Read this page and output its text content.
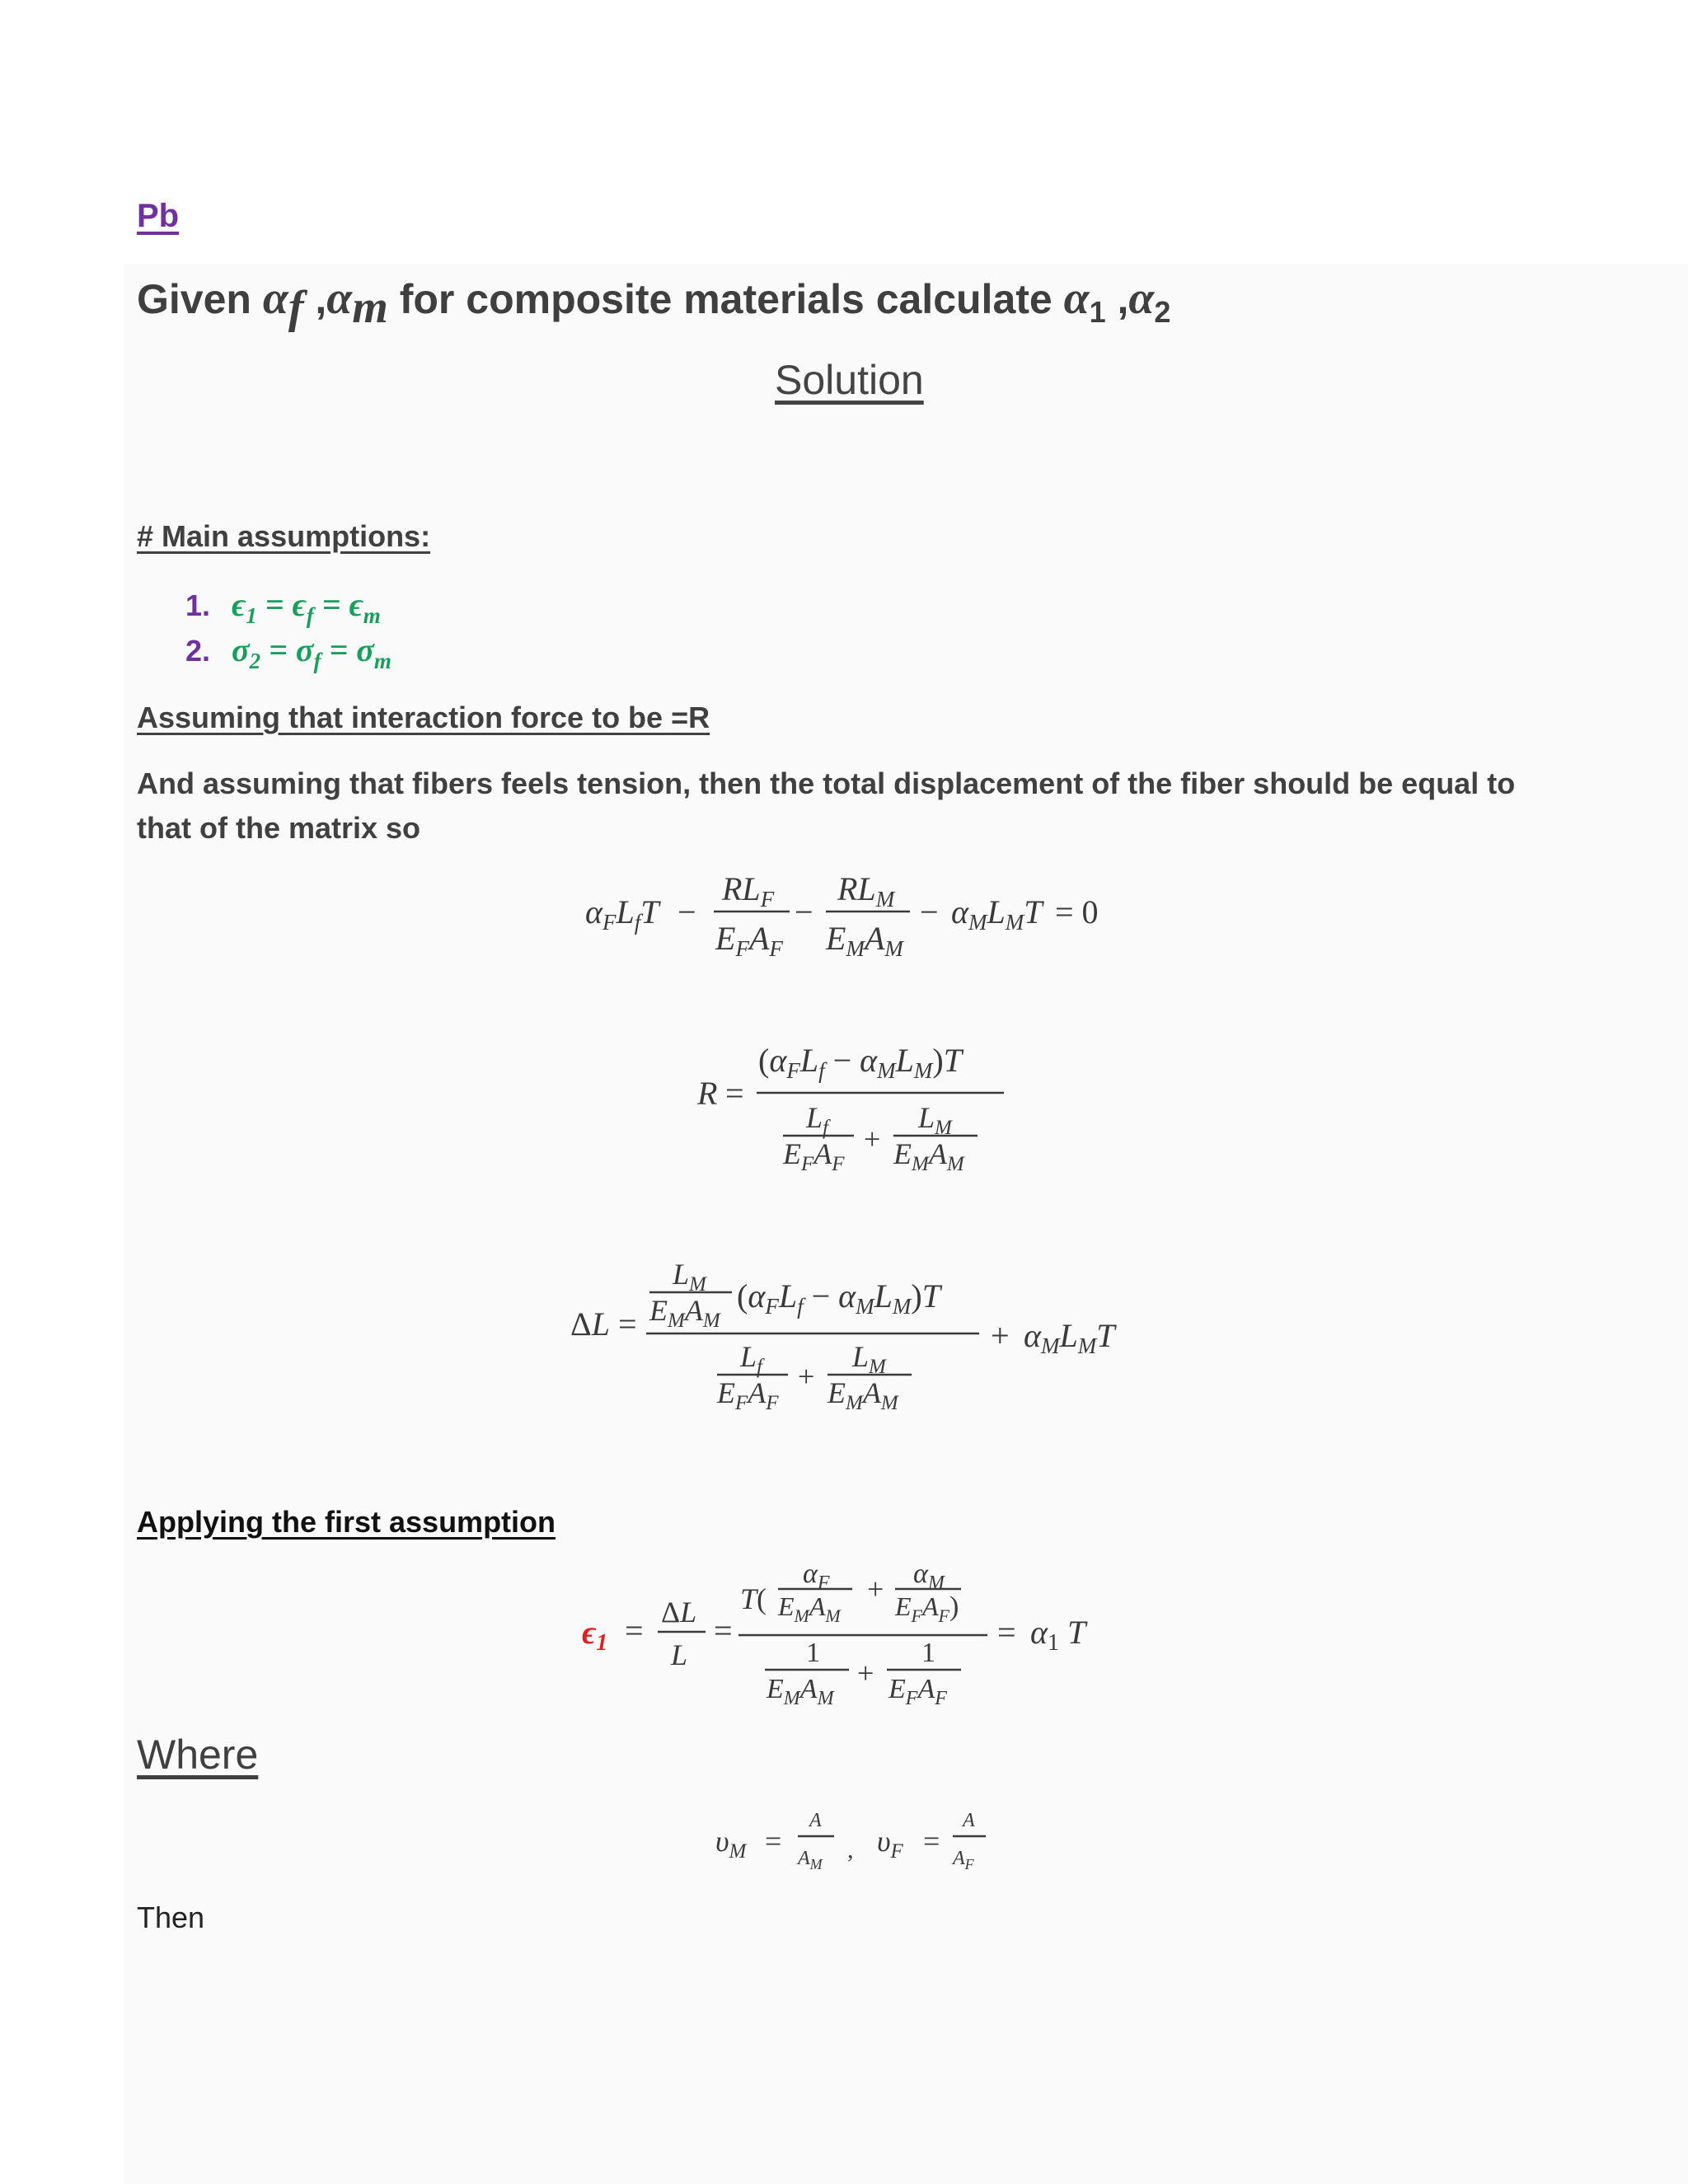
Pb
Given $\alpha_f$ $,\alpha_m$ for composite materials calculate $\alpha_1$ $,\alpha_2$
Solution
# Main assumptions:
1. $\epsilon_1 = \epsilon_f = \epsilon_m$
2. $\sigma_2 = \sigma_f = \sigma_m$
Assuming that interaction force to be =R
And assuming that fibers feels tension, then the total displacement of the fiber should be equal to that of the matrix so
$\alpha_FL_fT$ −
$RL_F$
$E_FA_F$
−
$RL_M$
$E_MA_M$
− $\alpha_ML_MT = 0$
R =
$(\alpha_FL_f - \alpha_ML_M)T$
$L_f$
$E_FA_F$
+
$L_M$
$E_MA_M$
ΔL =
$L_M$
$E_MA_M$
$(\alpha_FL_f - \alpha_ML_M)T$
$L_f$
$E_FA_F$
+
$L_M$
$E_MA_M$
+ $\alpha_ML_MT$
Applying the first assumption
$\epsilon_1 = \Delta L$
L
=
T(
$\alpha_F$
$E_MA_M$
+ $\alpha_M$
$E_FA_F$)
1
$E_MA_M$
+
1
$E_FA_F$
= $\alpha_1$ T
Where
$\upsilon_M$ =
A
$A_M$
, $\upsilon_F$ =
A
$A_F$
Then
